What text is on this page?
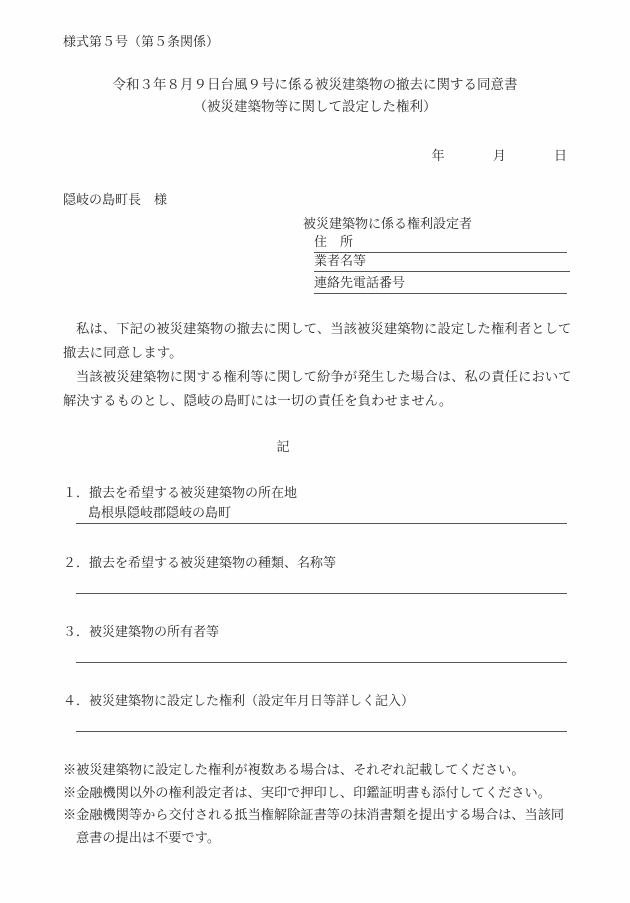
様式第５号（第５条関係）
令和３年８月９日台風９号に係る被災建築物の撤去に関する同意書
（被災建築物等に関して設定した権利）
年	月	日
隠岐の島町長　様
被災建築物に係る権利設定者
住　所
業者名等
連絡先電話番号
私は、下記の被災建築物の撤去に関して、当該被災建築物に設定した権利者として
撤去に同意します。
当該被災建築物に関する権利等に関して紛争が発生した場合は、私の責任において
解決するものとし、隠岐の島町には一切の責任を負わせません。
記
１．撤去を希望する被災建築物の所在地
島根県隠岐郡隠岐の島町
２．撤去を希望する被災建築物の種類、名称等
３．被災建築物の所有者等
４．被災建築物に設定した権利（設定年月日等詳しく記入）
※被災建築物に設定した権利が複数ある場合は、それぞれ記載してください。
※金融機関以外の権利設定者は、実印で押印し、印鑑証明書も添付してください。
※金融機関等から交付される抵当権解除証書等の抹消書類を提出する場合は、当該同
意書の提出は不要です。
